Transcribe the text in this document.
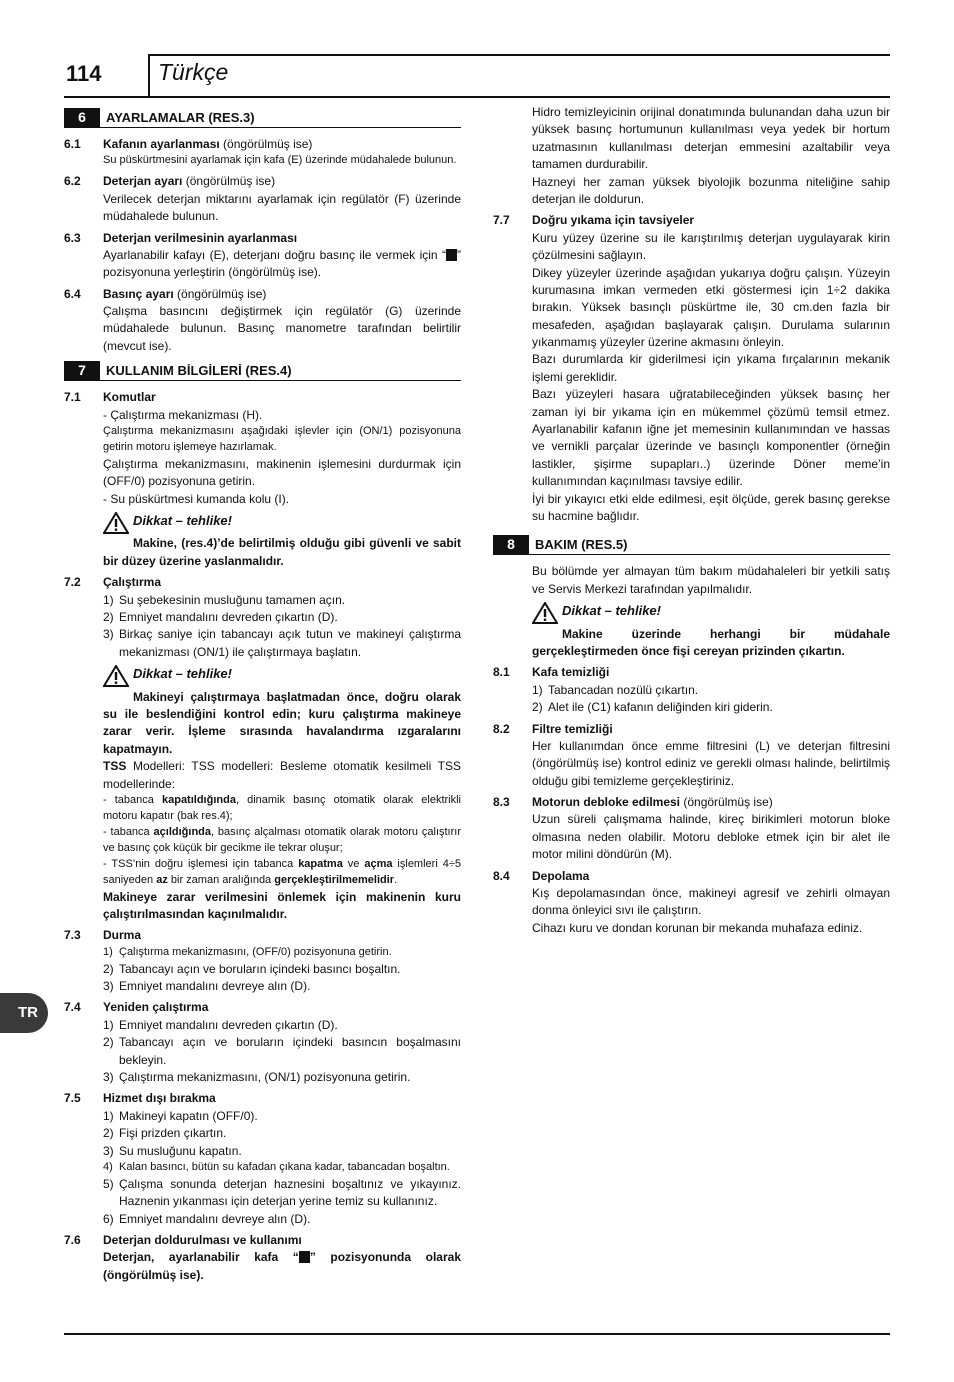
114 Türkçe
TR
6	AYARLAMALAR (RES.3)
6.1	Kafanın ayarlanması (öngörülmüş ise)

Su püskürtmesini ayarlamak için kafa (E) üzerinde müdahalede bulunun.

6.2	Deterjan ayarı (öngörülmüş ise)

Verilecek deterjan miktarını ayarlamak için regülatör (F) üzerinde müdahalede bulunun.

6.3	Deterjan verilmesinin ayarlanması

Ayarlanabilir kafayı (E), deterjanı doğru basınç ile vermek için “ ” pozisyonuna yerleştirin (öngörülmüş ise).

6.4	Basınç ayarı (öngörülmüş ise)

Çalışma basıncını değiştirmek için regülatör (G) üzerinde müdahalede bulunun. Basınç manometre tarafından belirtilir (mevcut ise).

7	KULLANIM BİLGİLERİ (RES.4)
7.1	Komutlar

- Çalıştırma mekanizması (H).

Çalıştırma mekanizmasını aşağıdaki işlevler için (ON/1) pozisyonuna getirin motoru işlemeye hazırlamak.

Çalıştırma mekanizmasını, makinenin işlemesini durdurmak için (OFF/0) pozisyonuna getirin.

- Su püskürtmesi kumanda kolu (I).

Dikkat – tehlike!

Makine, (res.4)’de belirtilmiş olduğu gibi güvenli ve sabit bir düzey üzerine yaslanmalıdır.

7.2	Çalıştırma
1) Su şebekesinin musluğunu tamamen açın.
2) Emniyet mandalını devreden çıkartın (D).
3) Birkaç saniye için tabancayı açık tutun ve makineyi çalıştırma mekanizması (ON/1) ile çalıştırmaya başlatın.
Dikkat – tehlike!

Makineyi çalıştırmaya başlatmadan önce, doğru olarak su ile beslendiğini kontrol edin; kuru çalıştırma makineye zarar verir. İşleme sırasında havalandırma ızgaralarını kapatmayın.

TSS Modelleri: TSS modelleri: Besleme otomatik kesilmeli TSS modellerinde:

- tabanca kapatıldığında, dinamik basınç otomatik olarak elektrikli motoru kapatır (bak res.4);

- tabanca açıldığında, basınç alçalması otomatik olarak motoru çalıştırır ve basınç çok küçük bir gecikme ile tekrar oluşur;

- TSS’nin doğru işlemesi için tabanca kapatma ve açma işlemleri 4÷5 saniyeden az bir zaman aralığında gerçekleştirilmemelidir.

Makineye zarar verilmesini önlemek için makinenin kuru çalıştırılmasından kaçınılmalıdır.

7.3	Durma
1) Çalıştırma mekanizmasını, (OFF/0) pozisyonuna getirin.
2) Tabancayı açın ve boruların içindeki basıncı boşaltın.
3) Emniyet mandalını devreye alın (D).
7.4	Yeniden çalıştırma
1) Emniyet mandalını devreden çıkartın (D).
2) Tabancayı açın ve boruların içindeki basıncın boşalmasını bekleyin.
3) Çalıştırma mekanizmasını, (ON/1) pozisyonuna getirin.
7.5	Hizmet dışı bırakma
1) Makineyi kapatın (OFF/0).
2) Fişi prizden çıkartın.
3) Su musluğunu kapatın.
4) Kalan basıncı, bütün su kafadan çıkana kadar, tabancadan boşaltın.
5) Çalışma sonunda deterjan haznesini boşaltınız ve yıkayınız. Haznenin yıkanması için deterjan yerine temiz su kullanınız.
6) Emniyet mandalını devreye alın (D).
7.6	Deterjan doldurulması ve kullanımı

Deterjan, ayarlanabilir kafa “ ” pozisyonunda olarak (öngörülmüş ise).

Hidro temizleyicinin orijinal donatımında bulunandan daha uzun bir yüksek basınç hortumunun kullanılması veya yedek bir hortum uzatmasının kullanılması deterjan emmesini azaltabilir veya tamamen durdurabilir.

Hazneyi her zaman yüksek biyolojik bozunma niteliğine sahip deterjan ile doldurun.

7.7	Doğru yıkama için tavsiyeler

Kuru yüzey üzerine su ile karıştırılmış deterjan uygulayarak kirin çözülmesini sağlayın.

Dikey yüzeyler üzerinde aşağıdan yukarıya doğru çalışın. Yüzeyin kurumasına imkan vermeden etki göstermesi için 1÷2 dakika bırakın. Yüksek basınçlı püskürtme ile, 30 cm.den fazla bir mesafeden, aşağıdan başlayarak çalışın. Durulama sularının yıkanmamış yüzeyler üzerine akmasını önleyin.

Bazı durumlarda kir giderilmesi için yıkama fırçalarının mekanik işlemi gereklidir.

Bazı yüzeyleri hasara uğratabileceğinden yüksek basınç her zaman iyi bir yıkama için en mükemmel çözümü temsil etmez. Ayarlanabilir kafanın iğne jet memesinin kullanımından ve hassas ve vernikli parçalar üzerinde ve basınçlı komponentler (örneğin lastikler, şişirme supapları..) üzerinde Döner meme’in kullanımından kaçınılması tavsiye edilir.

İyi bir yıkayıcı etki elde edilmesi, eşit ölçüde, gerek basınç gerekse su hacmine bağlıdır.

8	BAKIM (RES.5)

Bu bölümde yer almayan tüm bakım müdahaleleri bir yetkili satış ve Servis Merkezi tarafından yapılmalıdır.

Dikkat – tehlike!

Makine üzerinde herhangi bir müdahale gerçekleştirmeden önce fişi cereyan prizinden çıkartın.

8.1	Kafa temizliği
1) Tabancadan nozülü çıkartın.
2) Alet ile (C1) kafanın deliğinden kiri giderin.
8.2	Filtre temizliği

Her kullanımdan önce emme filtresini (L) ve deterjan filtresini (öngörülmüş ise) kontrol ediniz ve gerekli olması halinde, belirtilmiş olduğu gibi temizleme gerçekleştiriniz.

8.3	Motorun debloke edilmesi (öngörülmüş ise)

Uzun süreli çalışmama halinde, kireç birikimleri motorun bloke olmasına neden olabilir. Motoru debloke etmek için bir alet ile motor milini döndürün (M).

8.4	Depolama

Kış depolamasından önce, makineyi agresif ve zehirli olmayan donma önleyici sıvı ile çalıştırın.

Cihazı kuru ve dondan korunan bir mekanda muhafaza ediniz.
